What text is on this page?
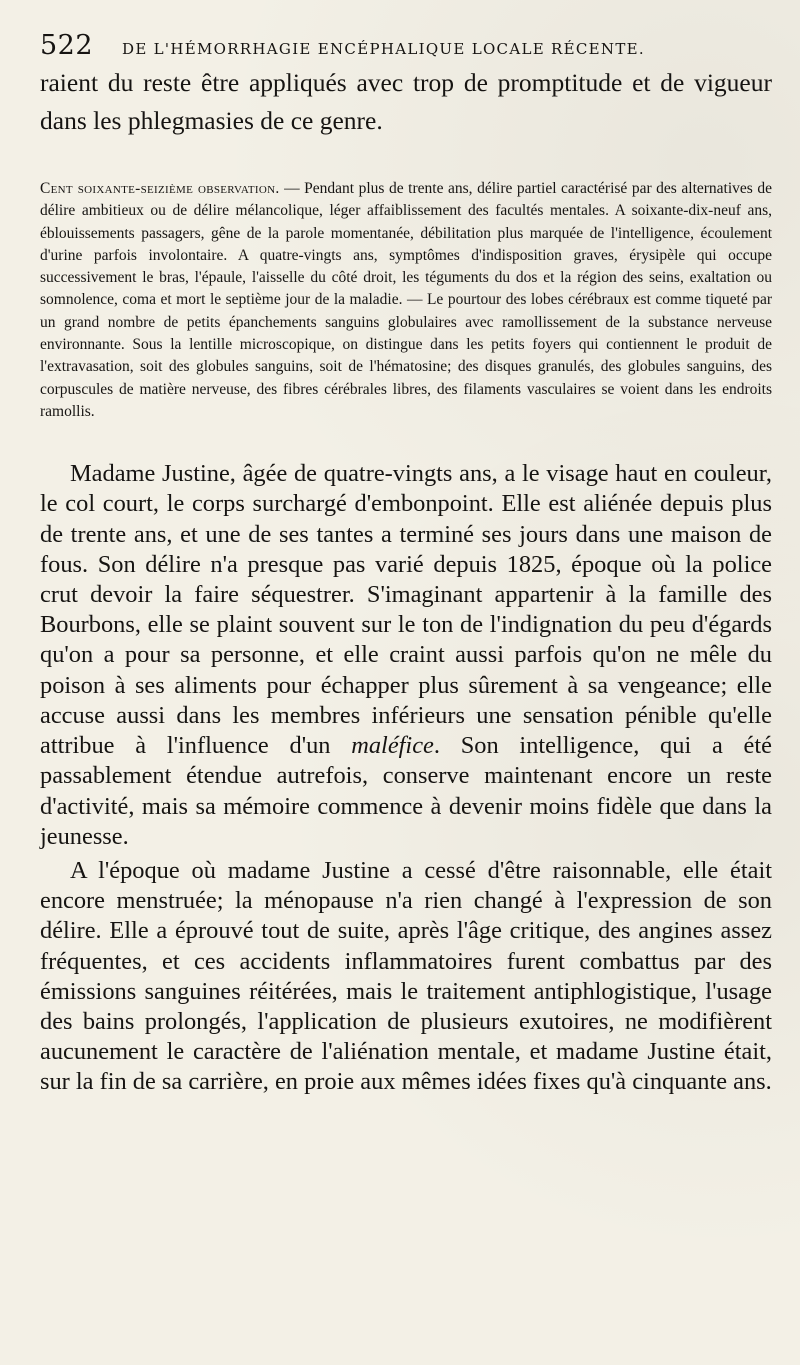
522	DE L'HÉMORRHAGIE ENCÉPHALIQUE LOCALE RÉCENTE.

raient du reste être appliqués avec trop de promptitude et de vigueur dans les phlegmasies de ce genre.

Cent soixante-seizième observation. — Pendant plus de trente ans, délire partiel caractérisé par des alternatives de délire ambitieux ou de délire mélancolique, léger affaiblissement des facultés mentales. A soixante-dix-neuf ans, éblouissements passagers, gêne de la parole momentanée, débilitation plus marquée de l'intelligence, écoulement d'urine parfois involontaire. A quatre-vingts ans, symptômes d'indisposition graves, érysipèle qui occupe successivement le bras, l'épaule, l'aisselle du côté droit, les téguments du dos et la région des seins, exaltation ou somnolence, coma et mort le septième jour de la maladie. — Le pourtour des lobes cérébraux est comme tiqueté par un grand nombre de petits épanchements sanguins globulaires avec ramollissement de la substance nerveuse environnante. Sous la lentille microscopique, on distingue dans les petits foyers qui contiennent le produit de l'extravasation, soit des globules sanguins, soit de l'hématosine; des disques granulés, des globules sanguins, des corpuscules de matière nerveuse, des fibres cérébrales libres, des filaments vasculaires se voient dans les endroits ramollis.

Madame Justine, âgée de quatre-vingts ans, a le visage haut en couleur, le col court, le corps surchargé d'embonpoint. Elle est aliénée depuis plus de trente ans, et une de ses tantes a terminé ses jours dans une maison de fous. Son délire n'a presque pas varié depuis 1825, époque où la police crut devoir la faire séquestrer. S'imaginant appartenir à la famille des Bourbons, elle se plaint souvent sur le ton de l'indignation du peu d'égards qu'on a pour sa personne, et elle craint aussi parfois qu'on ne mêle du poison à ses aliments pour échapper plus sûrement à sa vengeance; elle accuse aussi dans les membres inférieurs une sensation pénible qu'elle attribue à l'influence d'un maléfice. Son intelligence, qui a été passablement étendue autrefois, conserve maintenant encore un reste d'activité, mais sa mémoire commence à devenir moins fidèle que dans la jeunesse.

A l'époque où madame Justine a cessé d'être raisonnable, elle était encore menstruée; la ménopause n'a rien changé à l'expression de son délire. Elle a éprouvé tout de suite, après l'âge critique, des angines assez fréquentes, et ces accidents inflammatoires furent combattus par des émissions sanguines réitérées, mais le traitement antiphlogistique, l'usage des bains prolongés, l'application de plusieurs exutoires, ne modifièrent aucunement le caractère de l'aliénation mentale, et madame Justine était, sur la fin de sa carrière, en proie aux mêmes idées fixes qu'à cinquante ans.
